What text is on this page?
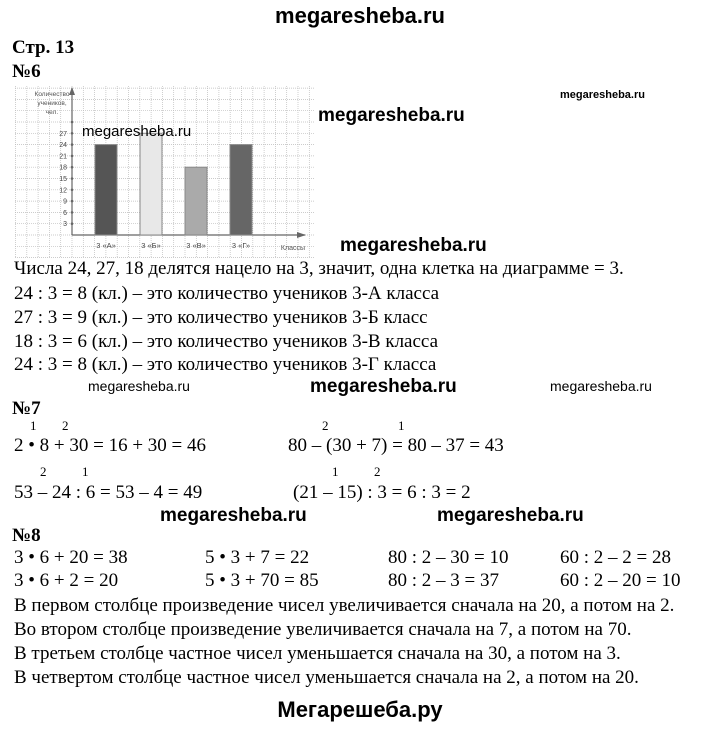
megaresheba.ru
Стр. 13
№6
3
6
9
12
15
18
21
24
27
Количество
учеников,
чел.
3 «А»	3 «Б»	3 «В»	3 «Г»	Классы
megaresheba.ru
megaresheba.ru
megaresheba.ru
megaresheba.ru
Числа 24, 27, 18 делятся нацело на 3, значит, одна клетка на диаграмме = 3.
24 : 3 = 8 (кл.) – это количество учеников 3-А класса
27 : 3 = 9 (кл.) – это количество учеников 3-Б класс
18 : 3 = 6 (кл.) – это количество учеников 3-В класса
24 : 3 = 8 (кл.) – это количество учеников 3-Г класса
megaresheba.ru	megaresheba.ru	megaresheba.ru
№7
1 2
2 • 8 + 30 = 16 + 30 = 46
2	1
80 – (30 + 7) = 80 – 37 = 43
2	1
53 – 24 : 6 = 53 – 4 = 49
1	2
(21 – 15) : 3 = 6 : 3 = 2
megaresheba.ru	megaresheba.ru
№8
3 • 6 + 20 = 38	5 • 3 + 7 = 22	80 : 2 – 30 = 10	60 : 2 – 2 = 28
3 • 6 + 2 = 20	5 • 3 + 70 = 85	80 : 2 – 3 = 37	60 : 2 – 20 = 10
В первом столбце произведение чисел увеличивается сначала на 20, а потом на 2.
Во втором столбце произведение увеличивается сначала на 7, а потом на 70.
В третьем столбце частное чисел уменьшается сначала на 30, а потом на 3.
В четвертом столбце частное чисел уменьшается сначала на 2, а потом на 20.
Мегарешеба.ру
